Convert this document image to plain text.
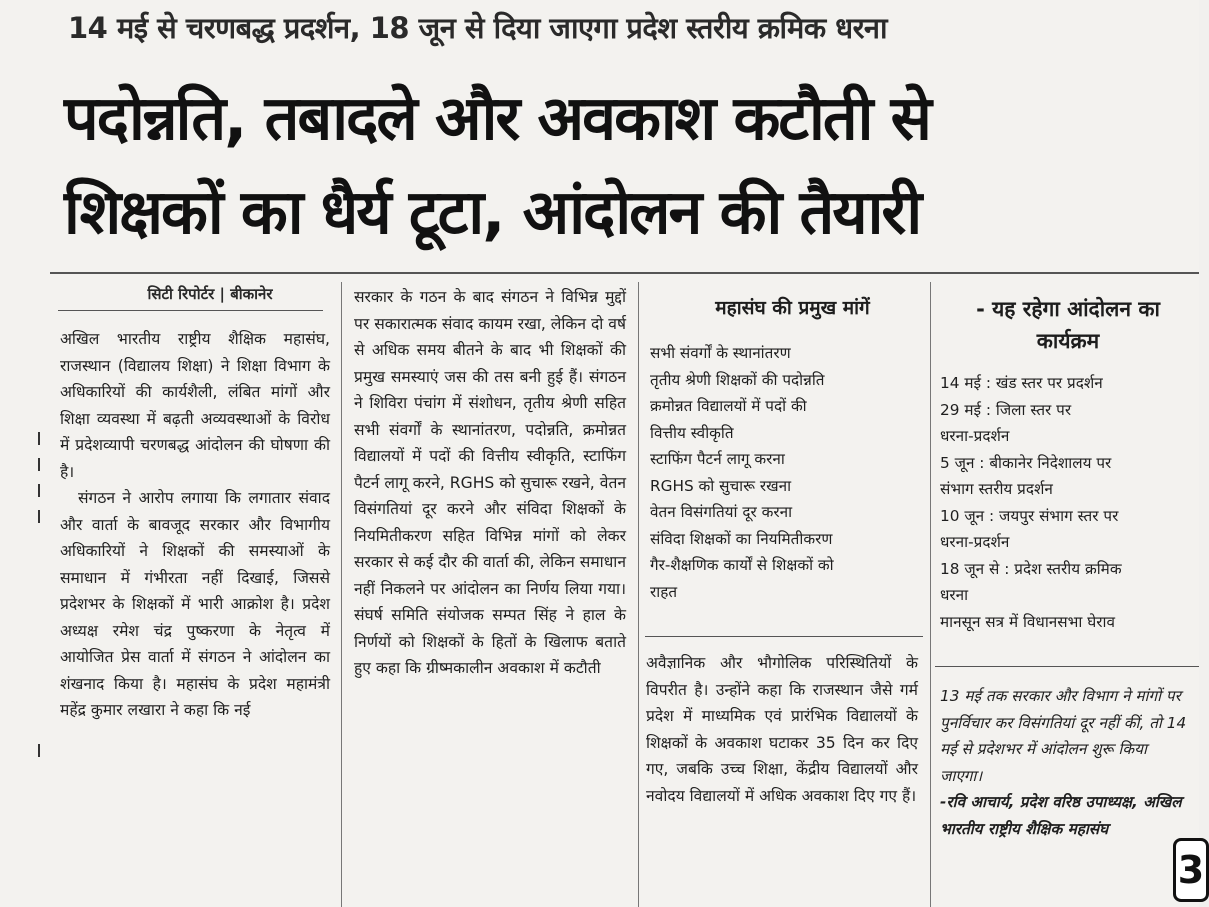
14 मई से चरणबद्ध प्रदर्शन, 18 जून से दिया जाएगा प्रदेश स्तरीय क्रमिक धरना
पदोन्नति, तबादले और अवकाश कटौती से
शिक्षकों का धैर्य टूटा, आंदोलन की तैयारी
सिटी रिपोर्टर | बीकानेर

अखिल भारतीय राष्ट्रीय शैक्षिक महासंघ, राजस्थान (विद्यालय शिक्षा) ने शिक्षा विभाग के अधिकारियों की कार्यशैली, लंबित मांगों और शिक्षा व्यवस्था में बढ़ती अव्यवस्थाओं के विरोध में प्रदेशव्यापी चरणबद्ध आंदोलन की घोषणा की है।

संगठन ने आरोप लगाया कि लगातार संवाद और वार्ता के बावजूद सरकार और विभागीय अधिकारियों ने शिक्षकों की समस्याओं के समाधान में गंभीरता नहीं दिखाई, जिससे प्रदेशभर के शिक्षकों में भारी आक्रोश है। प्रदेश अध्यक्ष रमेश चंद्र पुष्करणा के नेतृत्व में आयोजित प्रेस वार्ता में संगठन ने आंदोलन का शंखनाद किया है। महासंघ के प्रदेश महामंत्री महेंद्र कुमार लखारा ने कहा कि नई

सरकार के गठन के बाद संगठन ने विभिन्न मुद्दों पर सकारात्मक संवाद कायम रखा, लेकिन दो वर्ष से अधिक समय बीतने के बाद भी शिक्षकों की प्रमुख समस्याएं जस की तस बनी हुई हैं। संगठन ने शिविरा पंचांग में संशोधन, तृतीय श्रेणी सहित सभी संवर्गों के स्थानांतरण, पदोन्नति, क्रमोन्नत विद्यालयों में पदों की वित्तीय स्वीकृति, स्टाफिंग पैटर्न लागू करने, RGHS को सुचारू रखने, वेतन विसंगतियां दूर करने और संविदा शिक्षकों के नियमितीकरण सहित विभिन्न मांगों को लेकर सरकार से कई दौर की वार्ता की, लेकिन समाधान नहीं निकलने पर आंदोलन का निर्णय लिया गया। संघर्ष समिति संयोजक सम्पत सिंह ने हाल के निर्णयों को शिक्षकों के हितों के खिलाफ बताते हुए कहा कि ग्रीष्मकालीन अवकाश में कटौती

महासंघ की प्रमुख मांगें
सभी संवर्गों के स्थानांतरण
तृतीय श्रेणी शिक्षकों की पदोन्नति
क्रमोन्नत विद्यालयों में पदों की
वित्तीय स्वीकृति
स्टाफिंग पैटर्न लागू करना
RGHS को सुचारू रखना
वेतन विसंगतियां दूर करना
संविदा शिक्षकों का नियमितीकरण
गैर-शैक्षणिक कार्यों से शिक्षकों को
राहत

अवैज्ञानिक और भौगोलिक परिस्थितियों के विपरीत है। उन्होंने कहा कि राजस्थान जैसे गर्म प्रदेश में माध्यमिक एवं प्रारंभिक विद्यालयों के शिक्षकों के अवकाश घटाकर 35 दिन कर दिए गए, जबकि उच्च शिक्षा, केंद्रीय विद्यालयों और नवोदय विद्यालयों में अधिक अवकाश दिए गए हैं।

- यह रहेगा आंदोलन का कार्यक्रम
14 मई : खंड स्तर पर प्रदर्शन
29 मई : जिला स्तर पर
धरना-प्रदर्शन
5 जून : बीकानेर निदेशालय पर
संभाग स्तरीय प्रदर्शन
10 जून : जयपुर संभाग स्तर पर
धरना-प्रदर्शन
18 जून से : प्रदेश स्तरीय क्रमिक
धरना
मानसून सत्र में विधानसभा घेराव
13 मई तक सरकार और विभाग ने मांगों पर पुनर्विचार कर विसंगतियां दूर नहीं कीं, तो 14 मई से प्रदेशभर में आंदोलन शुरू किया जाएगा।
-रवि आचार्य, प्रदेश वरिष्ठ उपाध्यक्ष, अखिल भारतीय राष्ट्रीय शैक्षिक महासंघ
3
